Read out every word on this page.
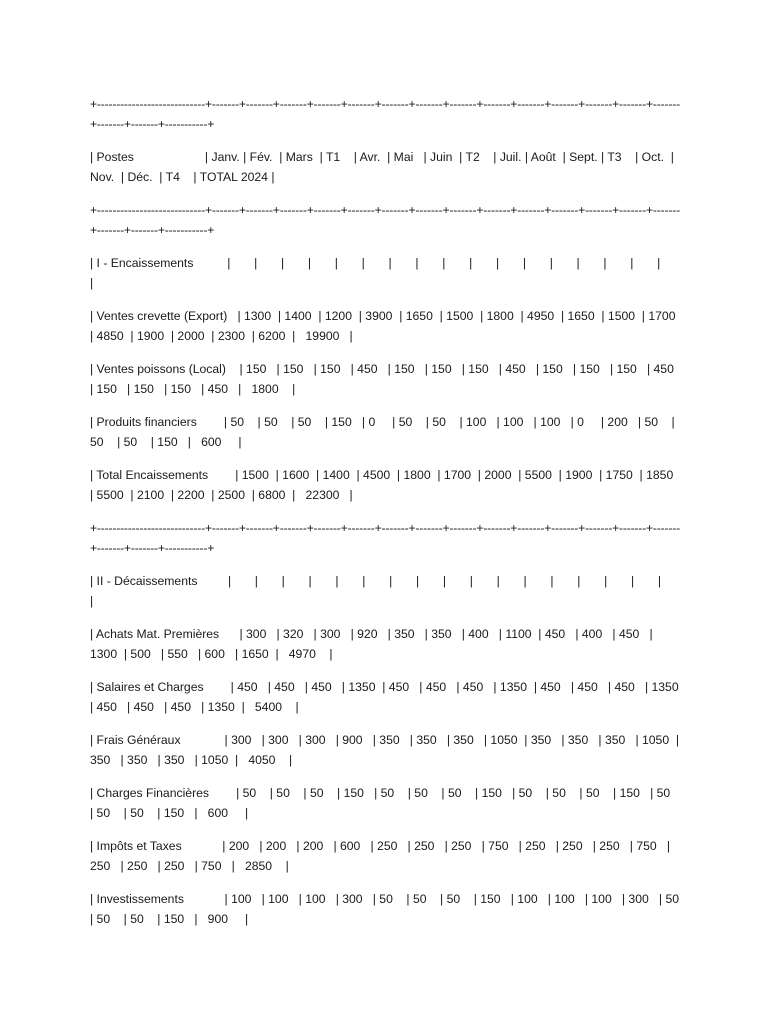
+----------------------------+-------+-------+-------+-------+-------+-------+-------+-------+-------+-------+-------+-------+-------+-------+-------+-------+-----------+

| Postes                     | Janv. | Fév.  | Mars  | T1    | Avr.  | Mai   | Juin  | T2    | Juil. | Août  | Sept. | T3    | Oct.  | Nov.  | Déc.  | T4    | TOTAL 2024 |

+----------------------------+-------+-------+-------+-------+-------+-------+-------+-------+-------+-------+-------+-------+-------+-------+-------+-------+-----------+

| I - Encaissements          |       |       |       |       |       |       |       |       |       |       |       |       |       |       |       |       |           |

| Ventes crevette (Export)   | 1300  | 1400  | 1200  | 3900  | 1650  | 1500  | 1800  | 4950  | 1650  | 1500  | 1700  | 4850  | 1900  | 2000  | 2300  | 6200  |   19900   |

| Ventes poissons (Local)    | 150   | 150   | 150   | 450   | 150   | 150   | 150   | 450   | 150   | 150   | 150   | 450   | 150   | 150   | 150   | 450   |   1800    |

| Produits financiers        | 50    | 50    | 50    | 150   | 0     | 50    | 50    | 100   | 100   | 100   | 0     | 200   | 50    | 50    | 50    | 150   |   600     |

| Total Encaissements        | 1500  | 1600  | 1400  | 4500  | 1800  | 1700  | 2000  | 5500  | 1900  | 1750  | 1850  | 5500  | 2100  | 2200  | 2500  | 6800  |   22300   |

+----------------------------+-------+-------+-------+-------+-------+-------+-------+-------+-------+-------+-------+-------+-------+-------+-------+-------+-----------+

| II - Décaissements         |       |       |       |       |       |       |       |       |       |       |       |       |       |       |       |       |           |

| Achats Mat. Premières      | 300   | 320   | 300   | 920   | 350   | 350   | 400   | 1100  | 450   | 400   | 450   | 1300  | 500   | 550   | 600   | 1650  |   4970    |

| Salaires et Charges        | 450   | 450   | 450   | 1350  | 450   | 450   | 450   | 1350  | 450   | 450   | 450   | 1350  | 450   | 450   | 450   | 1350  |   5400    |

| Frais Généraux             | 300   | 300   | 300   | 900   | 350   | 350   | 350   | 1050  | 350   | 350   | 350   | 1050  | 350   | 350   | 350   | 1050  |   4050    |

| Charges Financières        | 50    | 50    | 50    | 150   | 50    | 50    | 50    | 150   | 50    | 50    | 50    | 150   | 50    | 50    | 50    | 150   |   600     |

| Impôts et Taxes            | 200   | 200   | 200   | 600   | 250   | 250   | 250   | 750   | 250   | 250   | 250   | 750   | 250   | 250   | 250   | 750   |   2850    |

| Investissements            | 100   | 100   | 100   | 300   | 50    | 50    | 50    | 150   | 100   | 100   | 100   | 300   | 50    | 50    | 50    | 150   |   900     |
